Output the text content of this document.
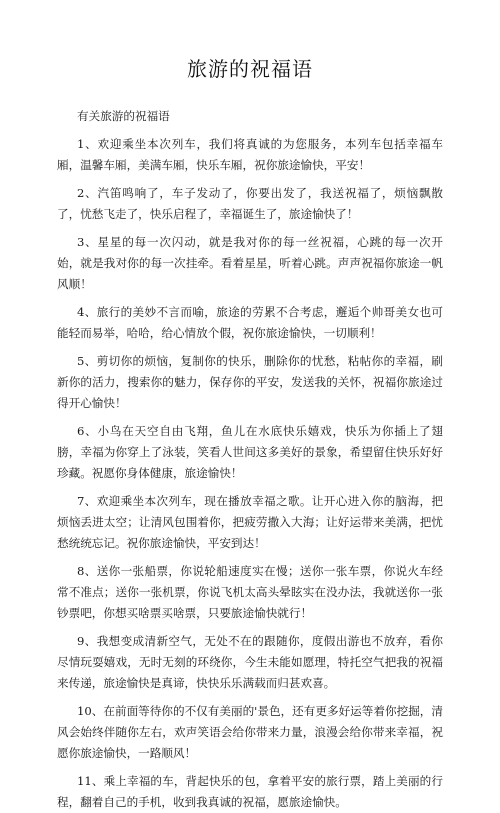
旅游的祝福语

有关旅游的祝福语

1、欢迎乘坐本次列车，我们将真诚的为您服务，本列车包括幸福车厢，温馨车厢，美满车厢，快乐车厢，祝你旅途愉快，平安！

2、汽笛鸣响了，车子发动了，你要出发了，我送祝福了，烦恼飘散了，忧愁飞走了，快乐启程了，幸福诞生了，旅途愉快了！

3、星星的每一次闪动，就是我对你的每一丝祝福，心跳的每一次开始，就是我对你的每一次挂牵。看着星星，听着心跳。声声祝福你旅途一帆风顺！

4、旅行的美妙不言而喻，旅途的劳累不合考虑，邂逅个帅哥美女也可能轻而易举，哈哈，给心情放个假，祝你旅途愉快，一切顺利！

5、剪切你的烦恼，复制你的快乐，删除你的忧愁，粘帖你的幸福，刷新你的活力，搜索你的魅力，保存你的平安，发送我的关怀，祝福你旅途过得开心愉快！

6、小鸟在天空自由飞翔，鱼儿在水底快乐嬉戏，快乐为你插上了翅膀，幸福为你穿上了泳装，笑看人世间这多美好的景象，希望留住快乐好好珍藏。祝愿你身体健康，旅途愉快！

7、欢迎乘坐本次列车，现在播放幸福之歌。让开心进入你的脑海，把烦恼丢进太空；让清风包围着你，把疲劳撒入大海；让好运带来美满，把忧愁统统忘记。祝你旅途愉快，平安到达！

8、送你一张船票，你说轮船速度实在慢；送你一张车票，你说火车经常不准点；送你一张机票，你说飞机太高头晕眩实在没办法，我就送你一张钞票吧，你想买啥票买啥票，只要旅途愉快就行！

9、我想变成清新空气，无处不在的跟随你，度假出游也不放弃，看你尽情玩耍嬉戏，无时无刻的环绕你，今生未能如愿理，特托空气把我的祝福来传递，旅途愉快是真谛，快快乐乐满载而归甚欢喜。

10、在前面等待你的不仅有美丽的'景色，还有更多好运等着你挖掘，清风会始终伴随你左右，欢声笑语会给你带来力量，浪漫会给你带来幸福，祝愿你旅途愉快，一路顺风！

11、乘上幸福的车，背起快乐的包，拿着平安的旅行票，踏上美丽的行程，翻着自己的手机，收到我真诚的祝福，愿旅途愉快。
